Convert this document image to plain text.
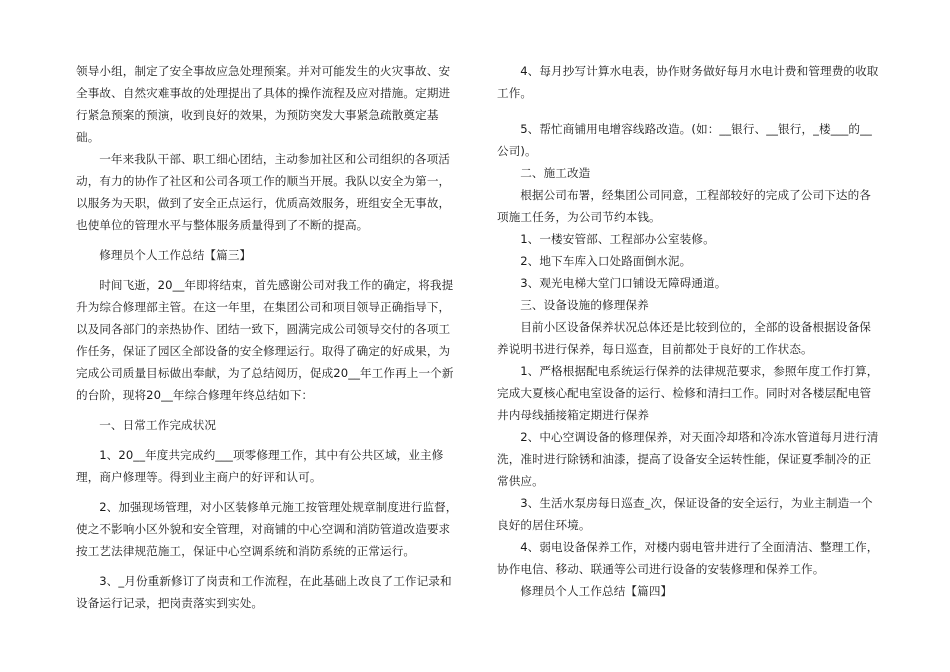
领导小组，制定了安全事故应急处理预案。并对可能发生的火灾事故、安全事故、自然灾难事故的处理提出了具体的操作流程及应对措施。定期进行紧急预案的预演，收到良好的效果，为预防突发大事紧急疏散奠定基础。

一年来我队干部、职工细心团结，主动参加社区和公司组织的各项活动，有力的协作了社区和公司各项工作的顺当开展。我队以安全为第一，以服务为天职，做到了安全正点运行，优质高效服务，班组安全无事故，也使单位的管理水平与整体服务质量得到了不断的提高。

修理员个人工作总结【篇三】

时间飞逝，20__年即将结束，首先感谢公司对我工作的确定，将我提升为综合修理部主管。在这一年里，在集团公司和项目领导正确指导下，以及同各部门的亲热协作、团结一致下，圆满完成公司领导交付的各项工作任务，保证了园区全部设备的安全修理运行。取得了确定的好成果，为完成公司质量目标做出奉献，为了总结阅历，促成20__年工作再上一个新的台阶，现将20__年综合修理年终总结如下：

一、日常工作完成状况

1、20__年度共完成约___项零修理工作，其中有公共区域，业主修理，商户修理等。得到业主商户的好评和认可。

2、加强现场管理，对小区装修单元施工按管理处规章制度进行监督，使之不影响小区外貌和安全管理，对商铺的中心空调和消防管道改造要求按工艺法律规范施工，保证中心空调系统和消防系统的正常运行。

3、_月份重新修订了岗责和工作流程，在此基础上改良了工作记录和设备运行记录，把岗责落实到实处。

4、每月抄写计算水电表，协作财务做好每月水电计费和管理费的收取工作。

5、帮忙商铺用电增容线路改造。(如：__银行、__银行，_楼___的__公司)。

二、施工改造

根据公司布署，经集团公司同意，工程部较好的完成了公司下达的各项施工任务，为公司节约本钱。

1、一楼安管部、工程部办公室装修。

2、地下车库入口处路面倒水泥。

3、观光电梯大堂门口铺设无障碍通道。

三、设备设施的修理保养

目前小区设备保养状况总体还是比较到位的，全部的设备根据设备保养说明书进行保养，每日巡查，目前都处于良好的工作状态。

1、严格根据配电系统运行保养的法律规范要求，参照年度工作打算，完成大夏核心配电室设备的运行、检修和清扫工作。同时对各楼层配电管井内母线插接箱定期进行保养

2、中心空调设备的修理保养，对天面冷却塔和冷冻水管道每月进行清洗，准时进行除锈和油漆，提高了设备安全运转性能，保证夏季制冷的正常供应。

3、生活水泵房每日巡查_次，保证设备的安全运行，为业主制造一个良好的居住环境。

4、弱电设备保养工作，对楼内弱电管井进行了全面清洁、整理工作，协作电信、移动、联通等公司进行设备的安装修理和保养工作。

修理员个人工作总结【篇四】
